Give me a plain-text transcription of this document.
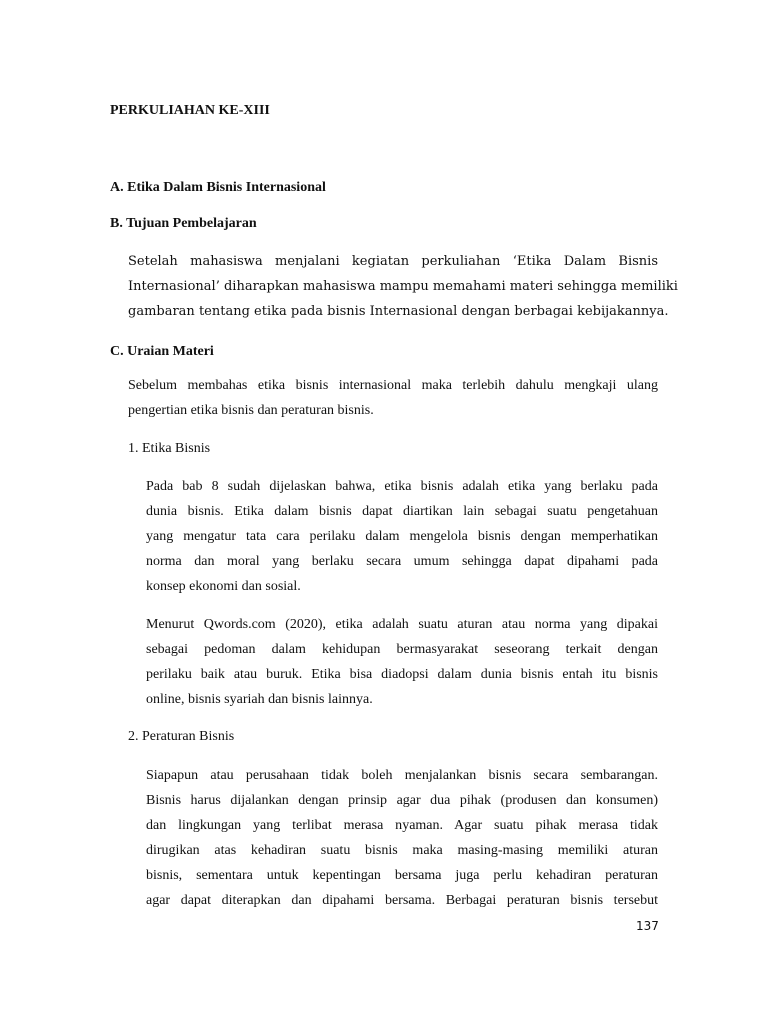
PERKULIAHAN KE-XIII
A. Etika Dalam Bisnis Internasional
B. Tujuan Pembelajaran
Setelah mahasiswa menjalani kegiatan perkuliahan ‘Etika Dalam Bisnis
Internasional’ diharapkan mahasiswa mampu memahami materi sehingga memiliki
gambaran tentang etika pada bisnis Internasional dengan berbagai kebijakannya.
C. Uraian Materi
Sebelum membahas etika bisnis internasional maka terlebih dahulu mengkaji ulang
pengertian etika bisnis dan peraturan bisnis.
1. Etika Bisnis
Pada bab 8 sudah dijelaskan bahwa, etika bisnis adalah etika yang berlaku pada
dunia bisnis. Etika dalam bisnis dapat diartikan lain sebagai suatu pengetahuan
yang mengatur tata cara perilaku dalam mengelola bisnis dengan memperhatikan
norma dan moral yang berlaku secara umum sehingga dapat dipahami pada
konsep ekonomi dan sosial.
Menurut Qwords.com (2020), etika adalah suatu aturan atau norma yang dipakai
sebagai pedoman dalam kehidupan bermasyarakat seseorang terkait dengan
perilaku baik atau buruk. Etika bisa diadopsi dalam dunia bisnis entah itu bisnis
online, bisnis syariah dan bisnis lainnya.
2. Peraturan Bisnis
Siapapun atau perusahaan tidak boleh menjalankan bisnis secara sembarangan.
Bisnis harus dijalankan dengan prinsip agar dua pihak (produsen dan konsumen)
dan lingkungan yang terlibat merasa nyaman. Agar suatu pihak merasa tidak
dirugikan atas kehadiran suatu bisnis maka masing-masing memiliki aturan
bisnis, sementara untuk kepentingan bersama juga perlu kehadiran peraturan
agar dapat diterapkan dan dipahami bersama. Berbagai peraturan bisnis tersebut
137
